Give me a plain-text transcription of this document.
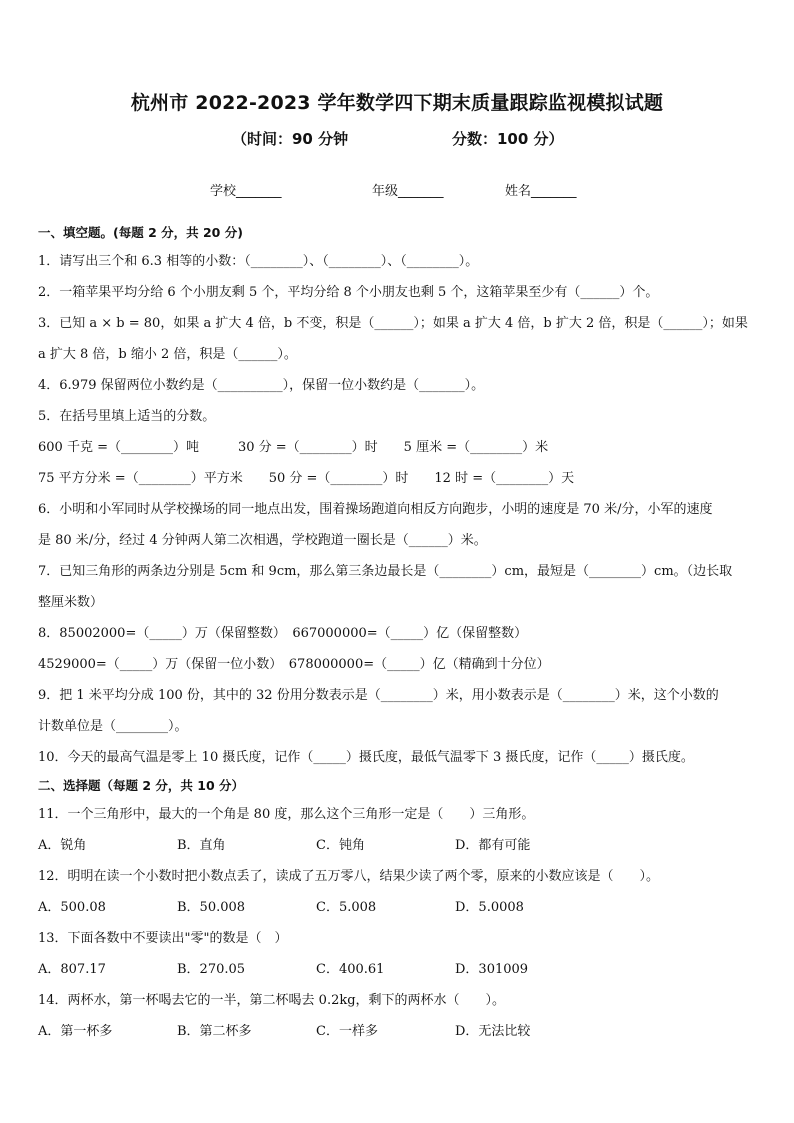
杭州市 2022-2023 学年数学四下期末质量跟踪监视模拟试题
（时间：90 分钟	分数：100 分）
学校_______	年级_______	姓名_______
一、填空题。(每题 2 分，共 20 分)
1．请写出三个和 6.3 相等的小数：（________）、（________）、（________）。
2．一箱苹果平均分给 6 个小朋友剩 5 个，平均分给 8 个小朋友也剩 5 个，这箱苹果至少有（______）个。
3．已知 a × b = 80，如果 a 扩大 4 倍，b 不变，积是（______）；如果 a 扩大 4 倍，b 扩大 2 倍，积是（______）；如果
a 扩大 8 倍，b 缩小 2 倍，积是（______）。
4．6.979 保留两位小数约是（__________），保留一位小数约是（_______）。
5．在括号里填上适当的分数。
600 千克 =（________）吨　　　30 分 =（________）时　　5 厘米 =（________）米
75 平方分米 =（________）平方米　　50 分 =（________）时　　12 时 =（________）天
6．小明和小军同时从学校操场的同一地点出发，围着操场跑道向相反方向跑步，小明的速度是 70 米/分，小军的速度
是 80 米/分，经过 4 分钟两人第二次相遇，学校跑道一圈长是（______）米。
7．已知三角形的两条边分别是 5cm 和 9cm，那么第三条边最长是（________）cm，最短是（________）cm。（边长取
整厘米数）
8．85002000=（_____）万（保留整数）　667000000=（_____）亿（保留整数）
4529000=（_____）万（保留一位小数）　678000000=（_____）亿（精确到十分位）
9．把 1 米平均分成 100 份，其中的 32 份用分数表示是（________）米，用小数表示是（________）米，这个小数的
计数单位是（________）。
10．今天的最高气温是零上 10 摄氏度，记作（_____）摄氏度，最低气温零下 3 摄氏度，记作（_____）摄氏度。
二、选择题（每题 2 分，共 10 分）
11．一个三角形中，最大的一个角是 80 度，那么这个三角形一定是（　　）三角形。
A．锐角	B．直角	C．钝角	D．都有可能
12．明明在读一个小数时把小数点丢了，读成了五万零八，结果少读了两个零，原来的小数应该是（　　）。
A．500.08	B．50.008	C．5.008	D．5.0008
13．下面各数中不要读出"零"的数是（　）
A．807.17	B．270.05	C．400.61	D．301009
14．两杯水，第一杯喝去它的一半，第二杯喝去 0.2kg，剩下的两杯水（　　）。
A．第一杯多	B．第二杯多	C．一样多	D．无法比较
